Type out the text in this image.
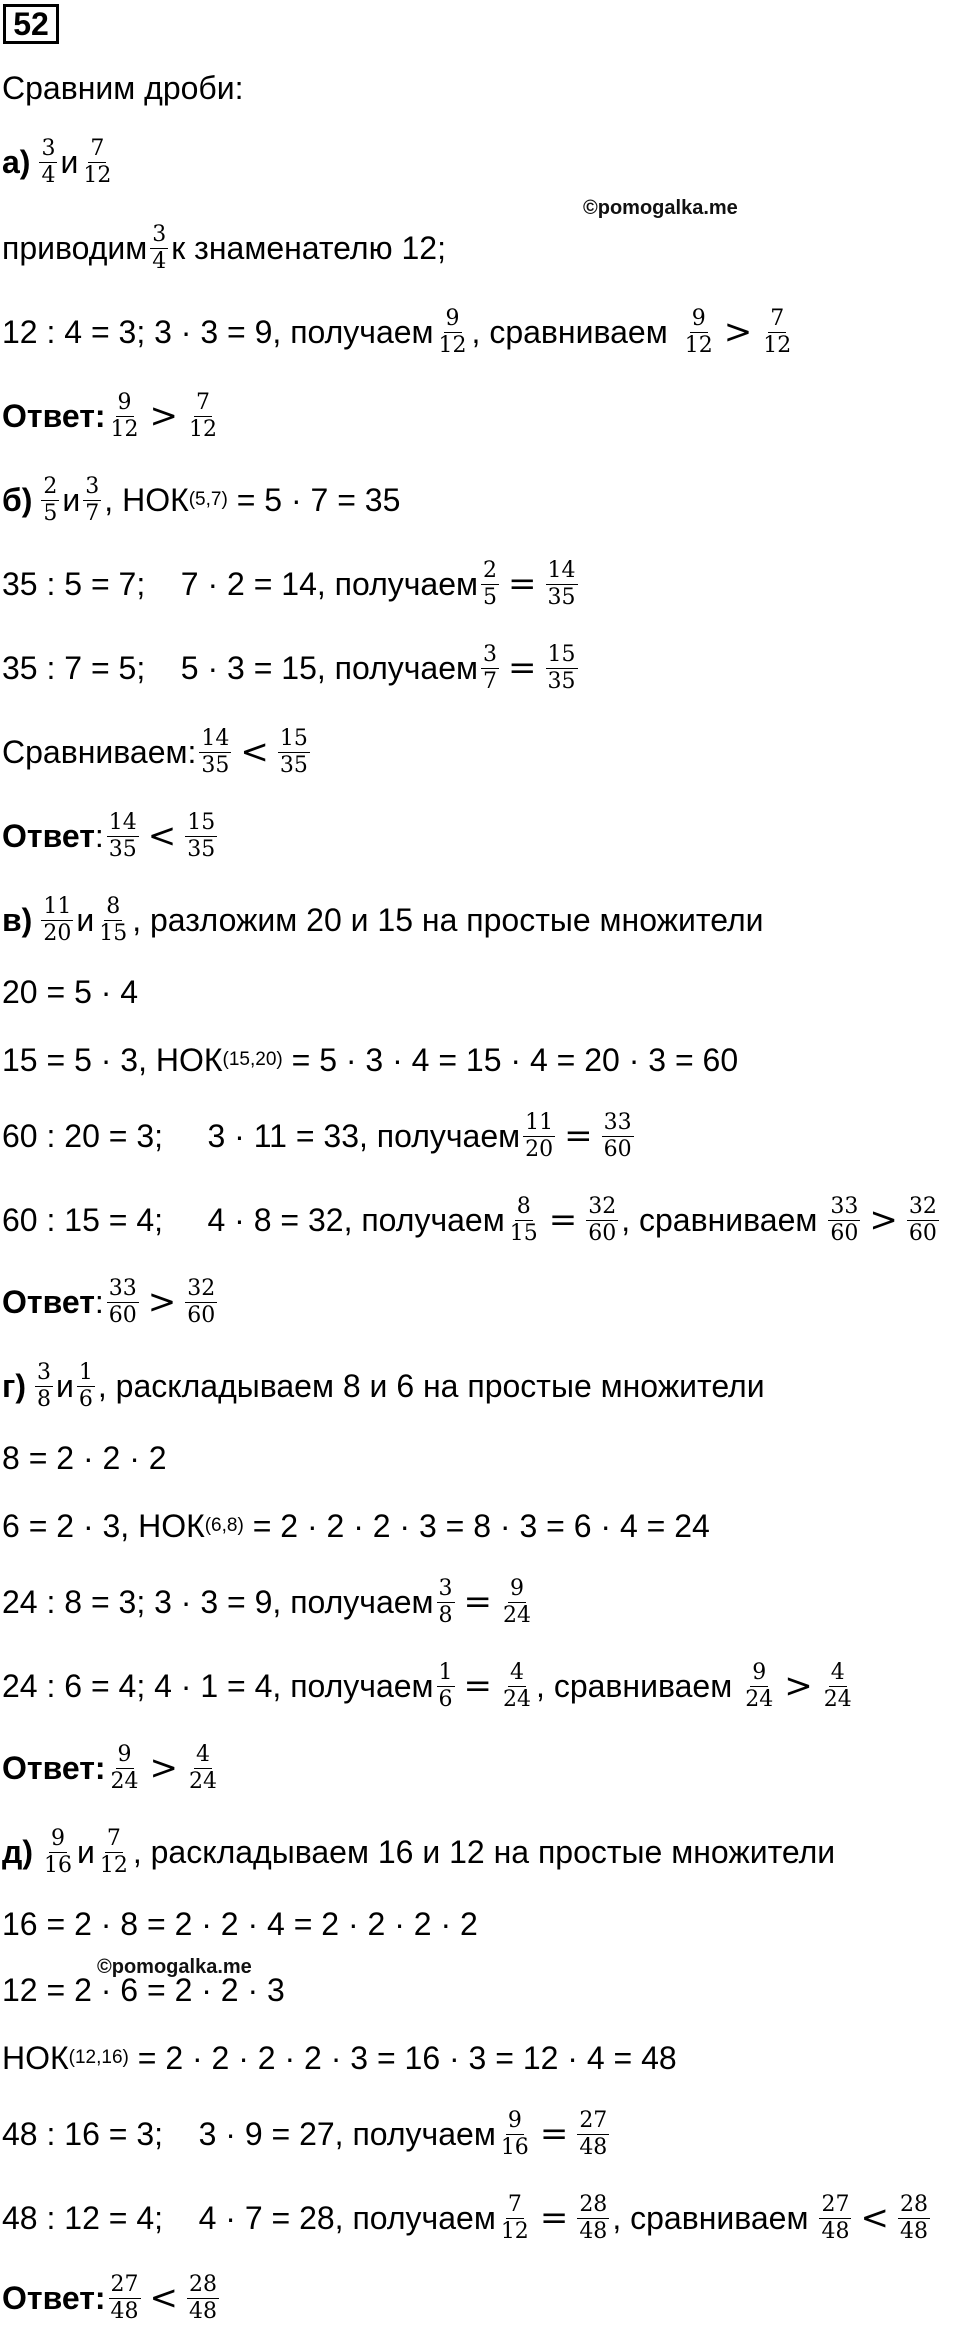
52
Сравним дроби:
а) 3
4 и 7
12
©pomogalka.me
приводим 3
4 к знаменателю 12;
12 : 4 = 3; 3 · 3 = 9, получаем 9
12 , сравниваем 9
12 > 7
12
Ответ: 9
12 > 7
12
б) 2
5 и 3
7 , НОК (5,7) = 5 · 7 = 35
35 : 5 = 7;    7 · 2 = 14, получаем $\frac{2}{5} = \frac{14}{35}$
35 : 7 = 5;    5 · 3 = 15, получаем $\frac{3}{7} = \frac{15}{35}$
Сравниваем: 14
35 < 15
35
Ответ : 14
35 < 15
35
в) 11
20 и 8
15 , разложим 20 и 15 на простые множители
20 = 5 · 4
15 = 5 · 3, НОК (15,20) = 5 · 3 · 4 = 15 · 4 = 20 · 3 = 60
60 : 20 = 3;     3 · 11 = 33, получаем $\frac{11}{20} = \frac{33}{60}$
60 : 15 = 4;     4 · 8 = 32, получаем $\frac{8}{15} = \frac{32}{60}$ , сравниваем 33
60 > 32
60
Ответ : 33
60 > 32
60
г) 3
8 и 1
6 , раскладываем 8 и 6 на простые множители
8 = 2 · 2 · 2
6 = 2 · 3, НОК (6,8) = 2 · 2 · 2 · 3 = 8 · 3 = 6 · 4 = 24
24 : 8 = 3; 3 · 3 = 9, получаем $\frac{3}{8} = \frac{9}{24}$
24 : 6 = 4; 4 · 1 = 4, получаем $\frac{1}{6} = \frac{4}{24}$ , сравниваем 9
24 > 4
24
Ответ: 9
24 > 4
24
д) 9
16 и 7
12 , раскладываем 16 и 12 на простые множители
16 = 2 · 8 = 2 · 2 · 4 = 2 · 2 · 2 · 2
©pomogalka.me
12 = 2 · 6 = 2 · 2 · 3
НОК (12,16) = 2 · 2 · 2 · 2 · 3 = 16 · 3 = 12 · 4 = 48
48 : 16 = 3;    3 · 9 = 27, получаем $\frac{9}{16} = \frac{27}{48}$
48 : 12 = 4;    4 · 7 = 28, получаем $\frac{7}{12} = \frac{28}{48}$ , сравниваем 27
48 < 28
48
Ответ: 27
48 < 28
48
